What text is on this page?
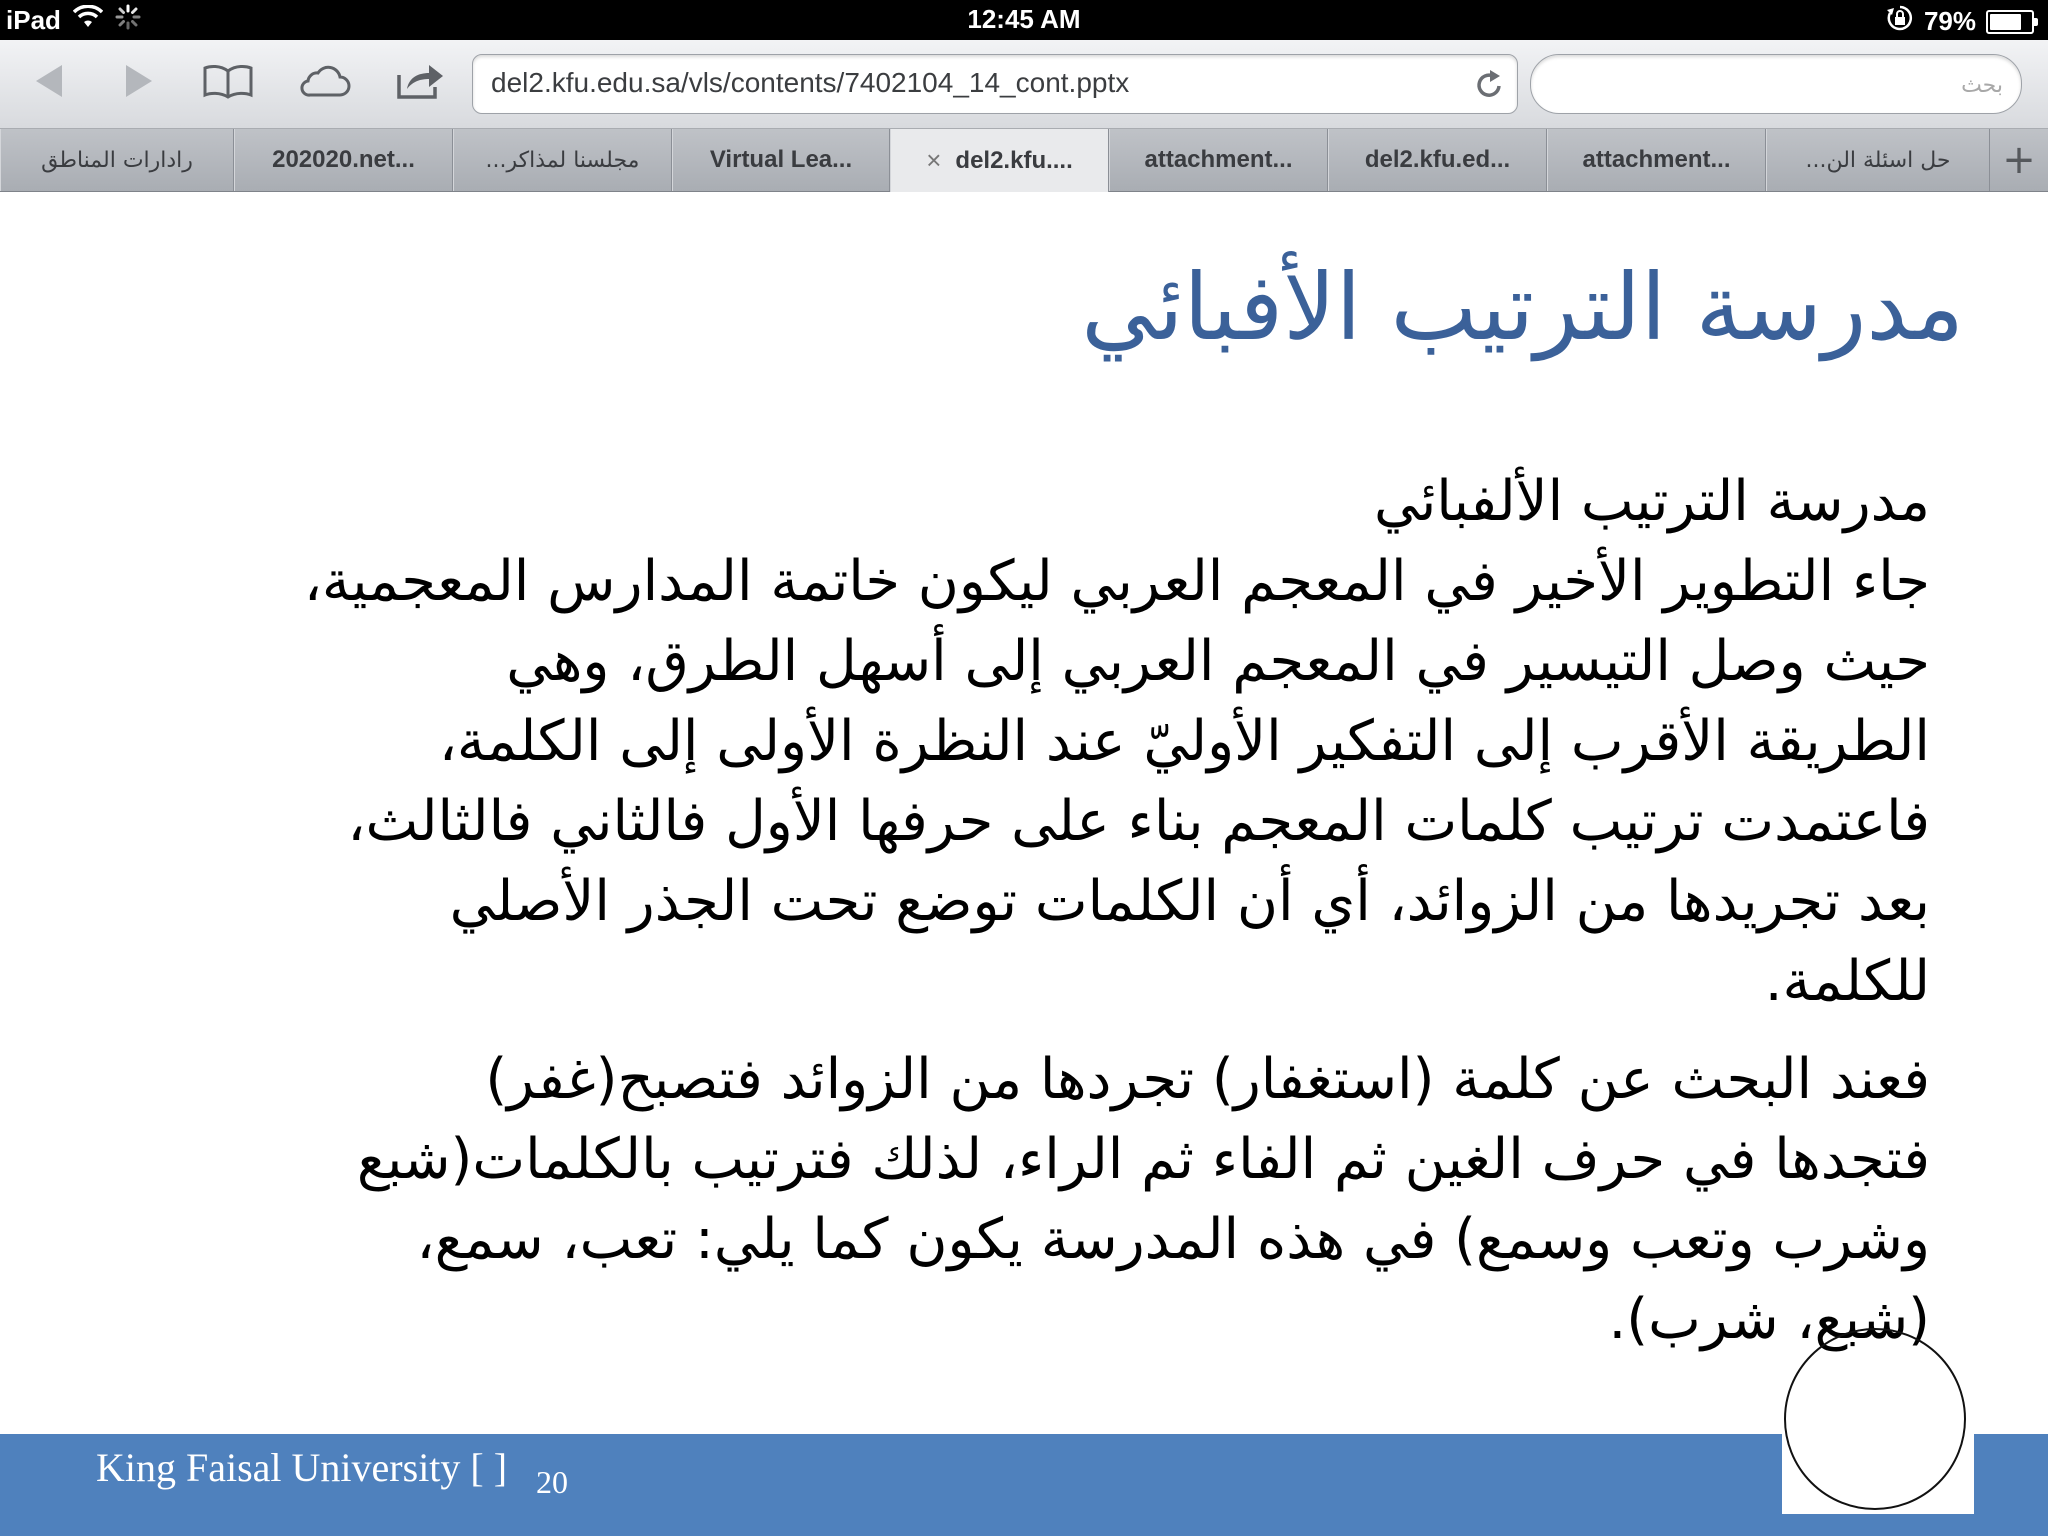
iPad	12:45 AM	79%
del2.kfu.edu.sa/vls/contents/7402104_14_cont.pptx
بحث
رادارات المناطق	202020.net...	مجلسنا لمذاكر...	Virtual Lea...	× del2.kfu....	attachment...	del2.kfu.ed...	attachment...	حل اسئلة الن... +
مدرسة الترتيب الأفبائي
مدرسة الترتيب الألفبائي

جاء التطوير الأخير في المعجم العربي ليكون خاتمة المدارس المعجمية،
حيث وصل التيسير في المعجم العربي إلى أسهل الطرق، وهي
الطريقة الأقرب إلى التفكير الأوليّ عند النظرة الأولى إلى الكلمة،
فاعتمدت ترتيب كلمات المعجم بناء على حرفها الأول فالثاني فالثالث،
بعد تجريدها من الزوائد، أي أن الكلمات توضع تحت الجذر الأصلي
للكلمة.

فعند البحث عن كلمة (استغفار) تجردها من الزوائد فتصبح(غفر)
فتجدها في حرف الغين ثم الفاء ثم الراء، لذلك فترتيب بالكلمات(شبع
وشرب وتعب وسمع) في هذه المدرسة يكون كما يلي: تعب، سمع،
(شبع، شرب).

King Faisal University [ ] 20
